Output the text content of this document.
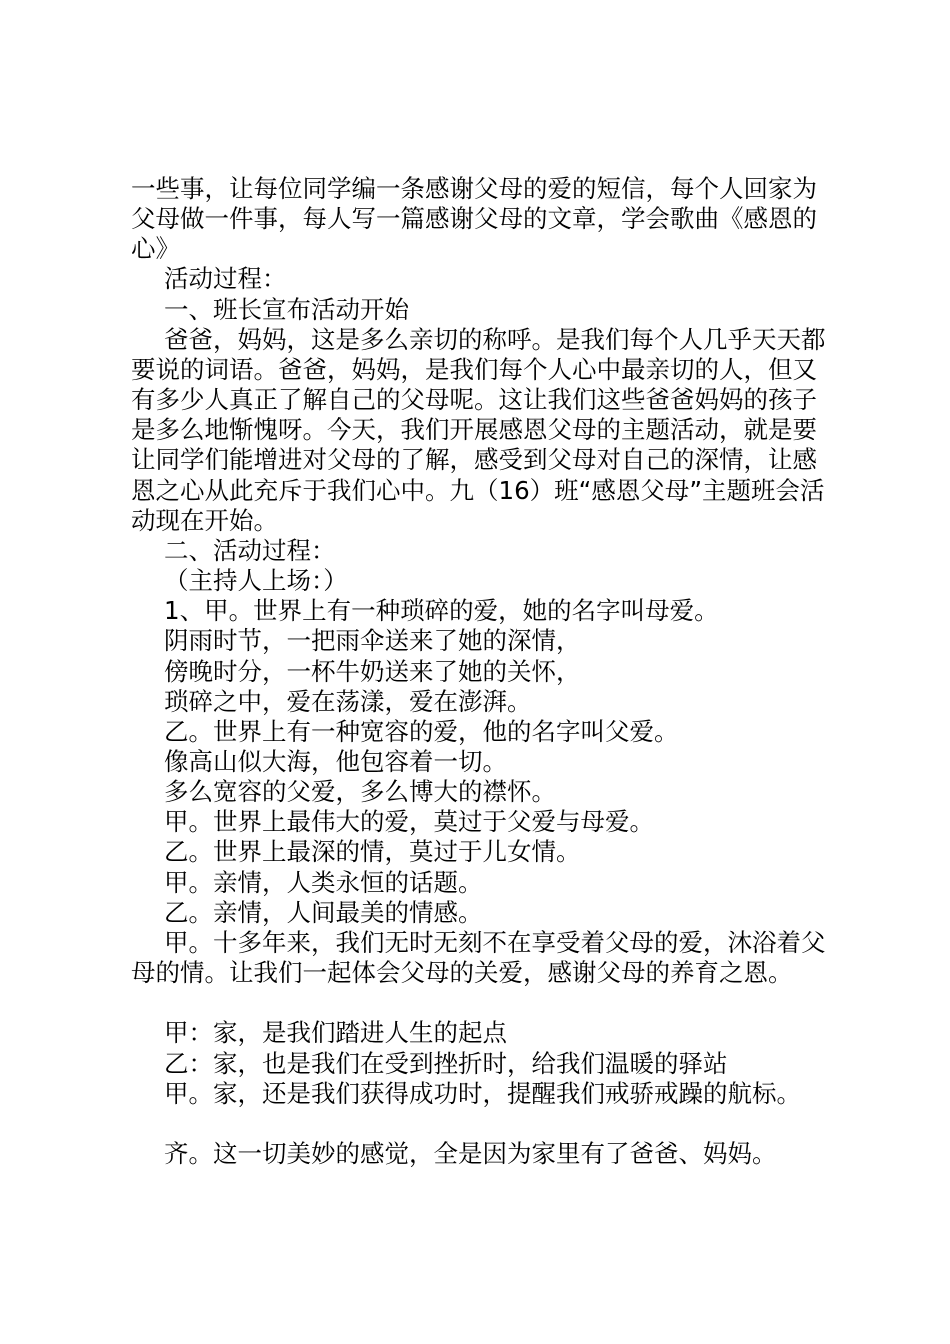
一些事，让每位同学编一条感谢父母的爱的短信，每个人回家为父母做一件事，每人写一篇感谢父母的文章，学会歌曲《感恩的心》

活动过程：

一、班长宣布活动开始

爸爸，妈妈，这是多么亲切的称呼。是我们每个人几乎天天都要说的词语。爸爸，妈妈，是我们每个人心中最亲切的人，但又有多少人真正了解自己的父母呢。这让我们这些爸爸妈妈的孩子是多么地惭愧呀。今天，我们开展感恩父母的主题活动，就是要让同学们能增进对父母的了解，感受到父母对自己的深情，让感恩之心从此充斥于我们心中。九（16）班“感恩父母”主题班会活动现在开始。

二、活动过程：

（主持人上场：）

1、甲。世界上有一种琐碎的爱，她的名字叫母爱。

阴雨时节，一把雨伞送来了她的深情，

傍晚时分，一杯牛奶送来了她的关怀，

琐碎之中，爱在荡漾，爱在澎湃。

乙。世界上有一种宽容的爱，他的名字叫父爱。

像高山似大海，他包容着一切。

多么宽容的父爱，多么博大的襟怀。

甲。世界上最伟大的爱，莫过于父爱与母爱。

乙。世界上最深的情，莫过于儿女情。

甲。亲情，人类永恒的话题。

乙。亲情，人间最美的情感。

甲。十多年来，我们无时无刻不在享受着父母的爱，沐浴着父母的情。让我们一起体会父母的关爱，感谢父母的养育之恩。

甲：家，是我们踏进人生的起点

乙：家，也是我们在受到挫折时，给我们温暖的驿站

甲。家，还是我们获得成功时，提醒我们戒骄戒躁的航标。

齐。这一切美妙的感觉，全是因为家里有了爸爸、妈妈。
